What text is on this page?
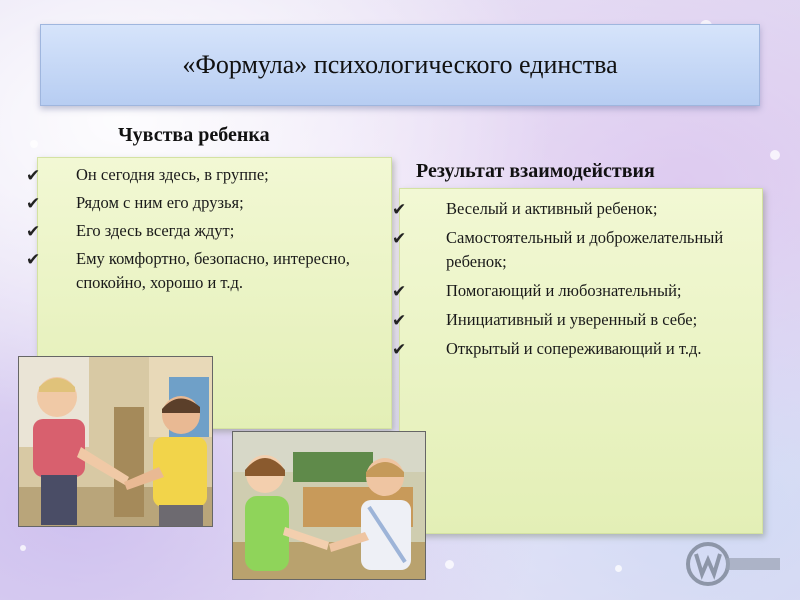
«Формула» психологического единства
Чувства ребенка
Результат взаимодействия
✔ Он сегодня здесь, в группе;
✔ Рядом с ним его друзья;
✔ Его здесь всегда ждут;
✔ Ему комфортно, безопасно, интересно, спокойно, хорошо и т.д.
✔ Веселый и активный ребенок;
✔ Самостоятельный и доброжелательный ребенок;
✔ Помогающий и любознательный;
✔ Инициативный и уверенный в себе;
✔ Открытый и сопереживающий и т.д.
